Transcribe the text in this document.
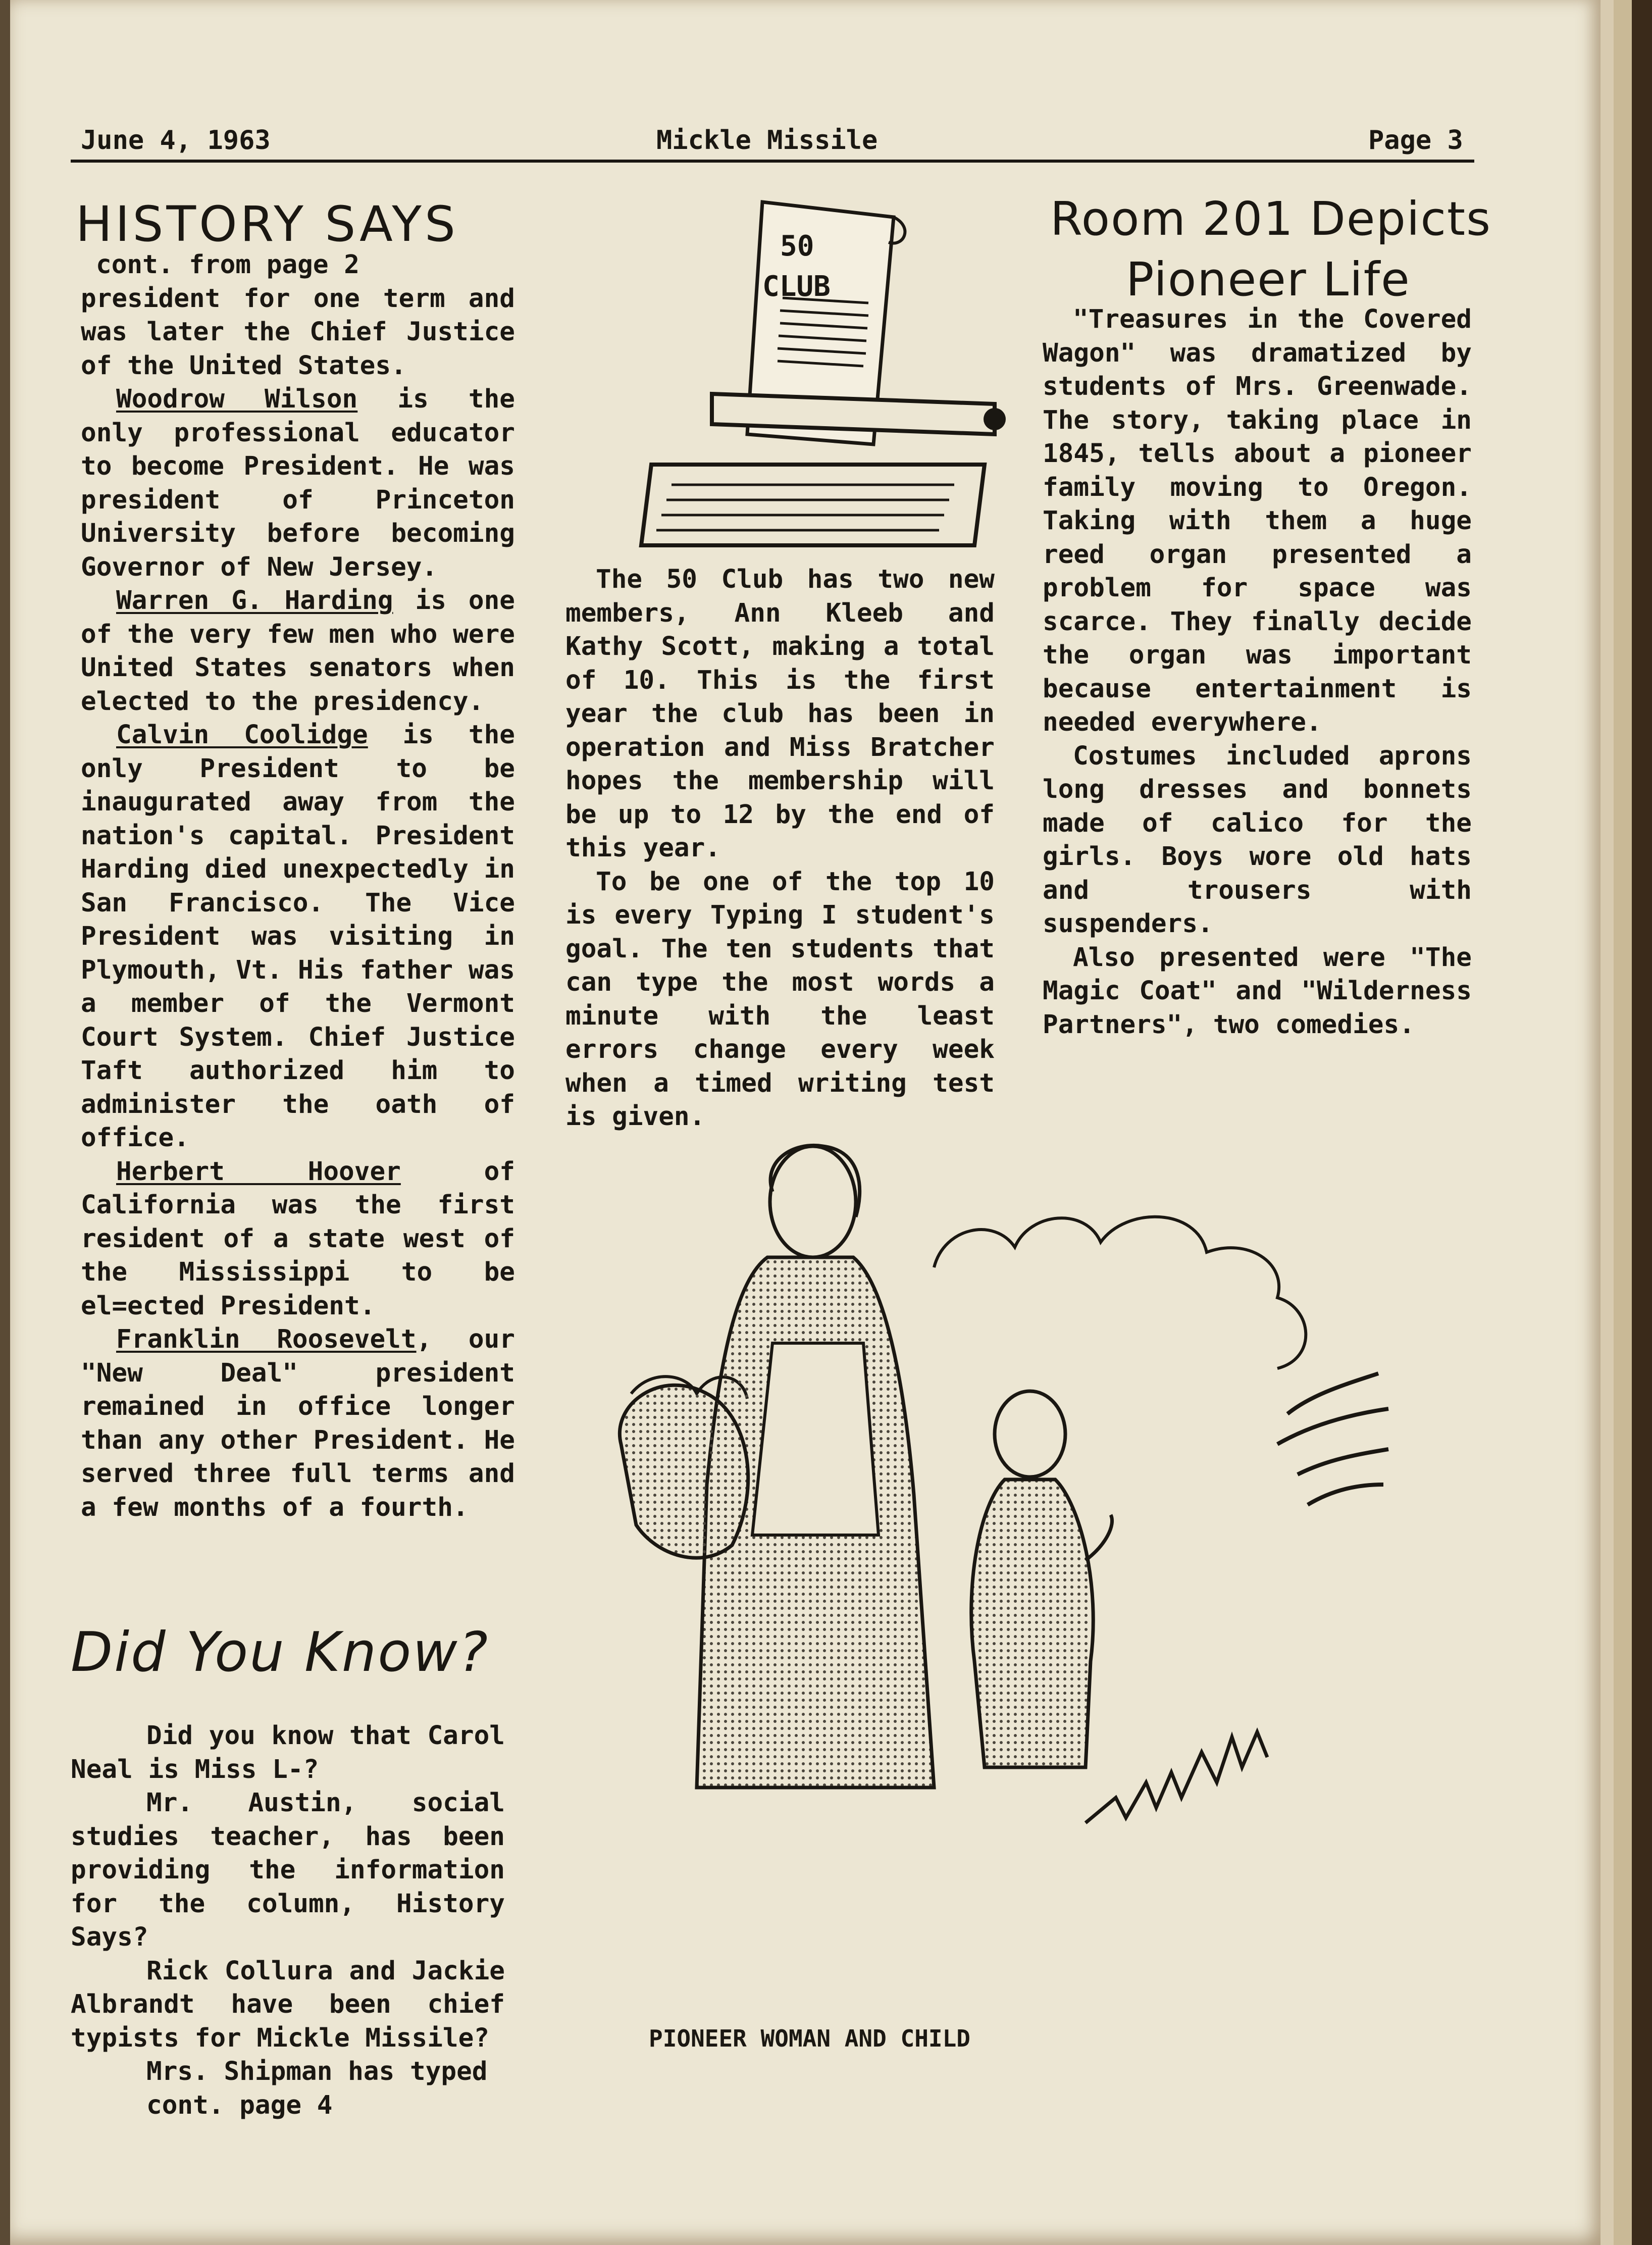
June 4, 1963	Mickle Missile	Page 3
HISTORY SAYS

cont. from page 2

president for one term and was later the Chief Justice of the United States.

Woodrow Wilson is the only professional educator to become President. He was president of Princeton University before becoming Governor of New Jersey.

Warren G. Harding is one of the very few men who were United States senators when elected to the presidency.

Calvin Coolidge is the only President to be inaugurated away from the nation's capital. President Harding died unexpectedly in San Francisco. The Vice President was visiting in Plymouth, Vt. His father was a member of the Vermont Court System. Chief Justice Taft authorized him to administer the oath of office.

Herbert Hoover of California was the first resident of a state west of the Mississippi to be el=ected President.

Franklin Roosevelt, our "New Deal" president remained in office longer than any other President. He served three full terms and a few months of a fourth.

Did You Know?

Did you know that Carol Neal is Miss L-?

Mr. Austin, social studies teacher, has been providing the information for the column, History Says?

Rick Collura and Jackie Albrandt have been chief typists for Mickle Missile?

Mrs. Shipman has typed

cont. page 4

50
CLUB

The 50 Club has two new members, Ann Kleeb and Kathy Scott, making a total of 10. This is the first year the club has been in operation and Miss Bratcher hopes the membership will be up to 12 by the end of this year.

To be one of the top 10 is every Typing I student's goal. The ten students that can type the most words a minute with the least errors change every week when a timed writing test is given.

Room 201 Depicts
Pioneer Life

"Treasures in the Covered Wagon" was dramatized by students of Mrs. Greenwade. The story, taking place in 1845, tells about a pioneer family moving to Oregon. Taking with them a huge reed organ presented a problem for space was scarce. They finally decide the organ was important because entertainment is needed everywhere.

Costumes included aprons long dresses and bonnets made of calico for the girls. Boys wore old hats and trousers with suspenders.

Also presented were "The Magic Coat" and "Wilderness Partners", two comedies.

PIONEER WOMAN AND CHILD
